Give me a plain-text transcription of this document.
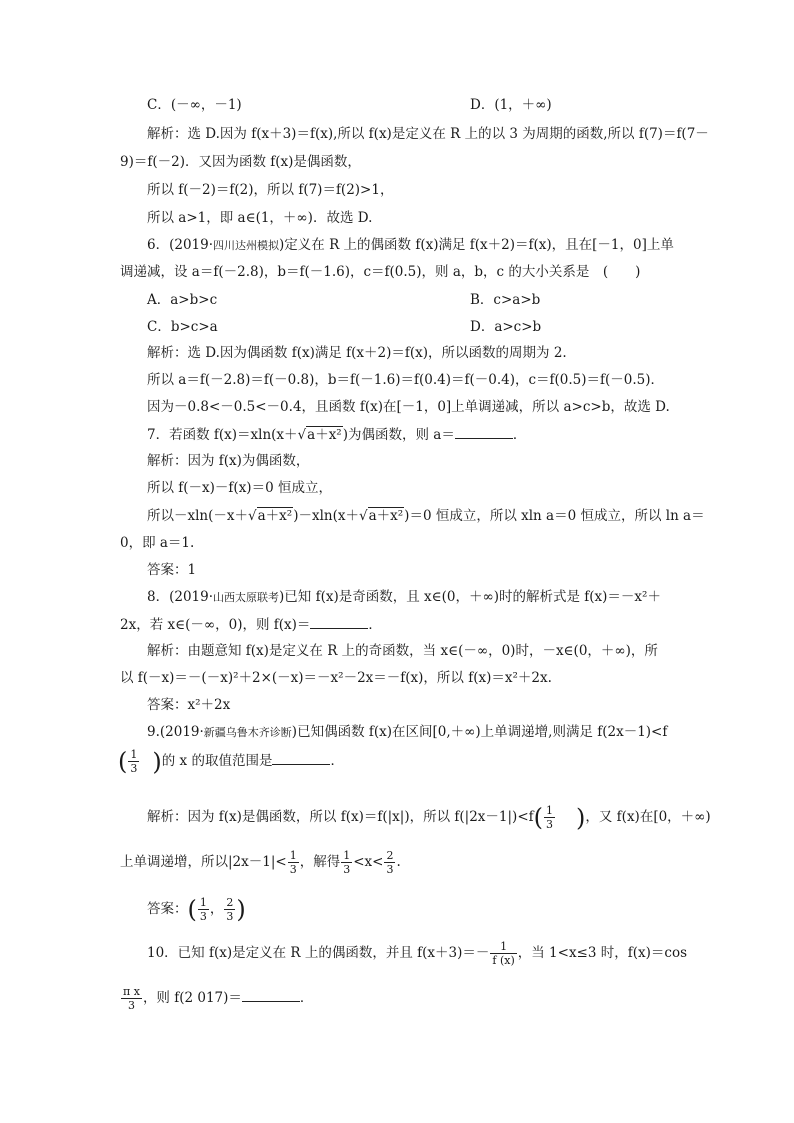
C．(－∞，－1)	D．(1，＋∞)
解析：选 D.因为 f(x＋3)＝f(x),所以 f(x)是定义在 R 上的以 3 为周期的函数,所以 f(7)＝f(7－
9)＝f(－2)．又因为函数 f(x)是偶函数，
所以 f(－2)＝f(2)，所以 f(7)＝f(2)>1，
所以 a>1，即 a∈(1，＋∞)．故选 D.
6．(2019·四川达州模拟)定义在 R 上的偶函数 f(x)满足 f(x＋2)＝f(x)，且在[－1，0]上单
调递减，设 a＝f(－2.8)，b＝f(－1.6)，c＝f(0.5)，则 a，b，c 的大小关系是　(　　)
A．a>b>c	B．c>a>b
C．b>c>a	D．a>c>b
解析：选 D.因为偶函数 f(x)满足 f(x＋2)＝f(x)，所以函数的周期为 2.
所以 a＝f(－2.8)＝f(－0.8)，b＝f(－1.6)＝f(0.4)＝f(－0.4)，c＝f(0.5)＝f(－0.5)．
因为－0.8<－0.5<－0.4，且函数 f(x)在[－1，0]上单调递减，所以 a>c>b，故选 D.
7．若函数 f(x)＝xln(x＋√a＋x²)为偶函数，则 a＝	．
解析：因为 f(x)为偶函数，
所以 f(－x)－f(x)＝0 恒成立，
所以－xln(－x＋√a＋x²)－xln(x＋√a＋x²)＝0 恒成立，所以 xln a＝0 恒成立，所以 ln a＝
0，即 a＝1.
答案：1
8．(2019·山西太原联考)已知 f(x)是奇函数，且 x∈(0，＋∞)时的解析式是 f(x)＝－x²＋
2x，若 x∈(－∞，0)，则 f(x)＝	．
解析：由题意知 f(x)是定义在 R 上的奇函数，当 x∈(－∞，0)时，－x∈(0，＋∞)，所
以 f(－x)＝－(－x)²＋2×(－x)＝－x²－2x＝－f(x)，所以 f(x)＝x²＋2x.
答案：x²＋2x
9.(2019·新疆乌鲁木齐诊断)已知偶函数 f(x)在区间[0,＋∞)上单调递增,则满足 f(2x－1)<f
( $\frac{1}{3}$ )的 x 的取值范围是	．
解析：因为 f(x)是偶函数，所以 f(x)＝f(|x|)，所以 $f(|2x-1|)<f( \frac{1}{3}$ )，又 f(x)在[0，＋∞)
上单调递增，所以$|2x-1|< \frac{1}{3}$ ，解得 $\frac{1}{3} <x< \frac{2}{3}$ .
答案：( $\frac{1}{3}$ ， $\frac{2}{3}$ )
10．已知 f(x)是定义在 R 上的偶函数，并且 $f(x+3)=- \frac{1}{f (x)}$ ，当 1<x≤3 时，f(x)＝cos
$\frac{\text{π x}}{3}$ ，则 f(2 017)＝	．
